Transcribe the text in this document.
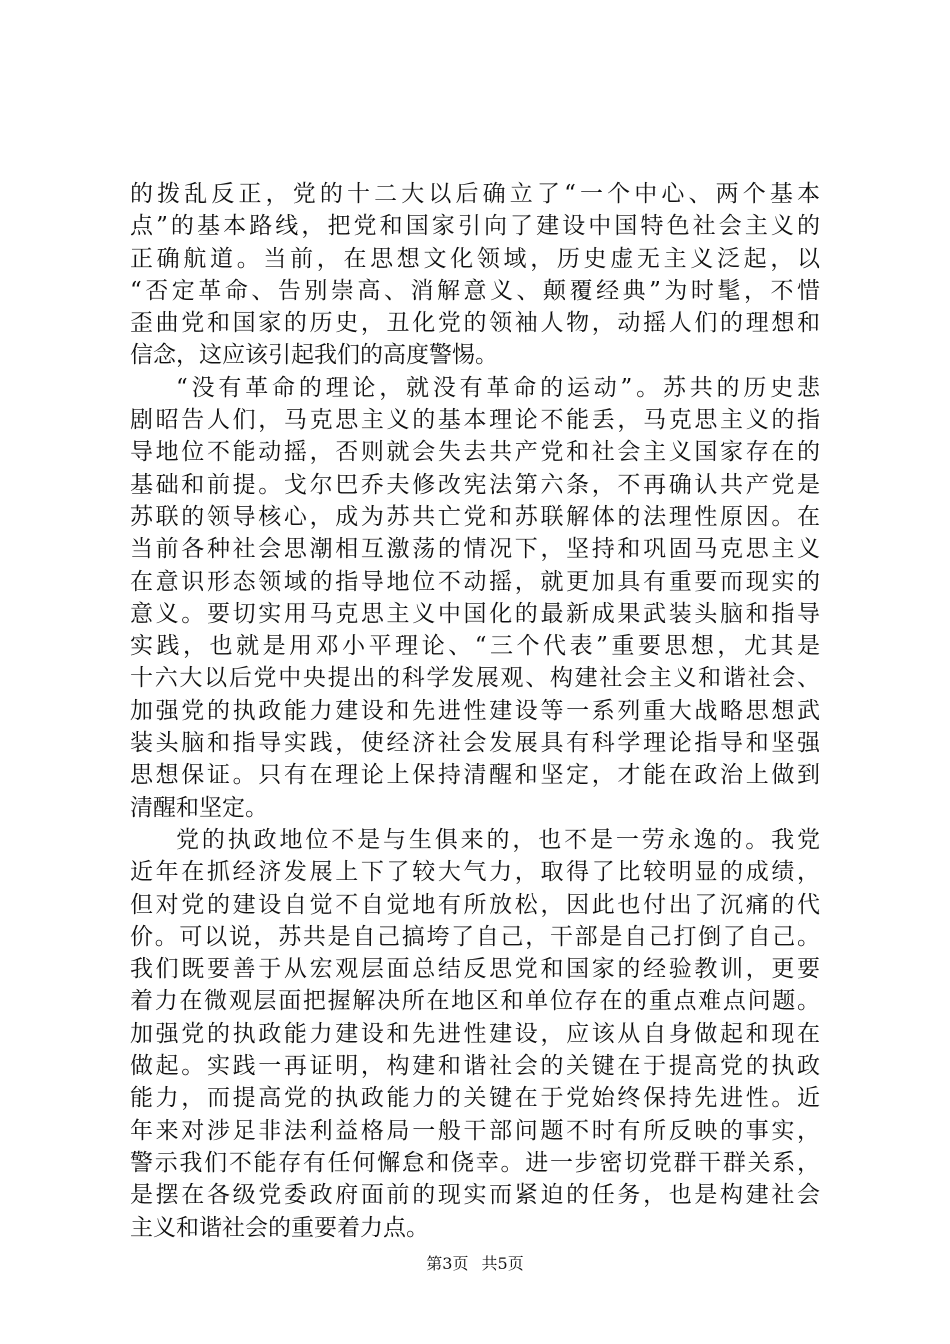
的拨乱反正，党的十二大以后确立了“一个中心、两个基本
点”的基本路线，把党和国家引向了建设中国特色社会主义的
正确航道。当前，在思想文化领域，历史虚无主义泛起，以
“否定革命、告别崇高、消解意义、颠覆经典”为时髦，不惜
歪曲党和国家的历史，丑化党的领袖人物，动摇人们的理想和
信念，这应该引起我们的高度警惕。
“没有革命的理论，就没有革命的运动”。苏共的历史悲
剧昭告人们，马克思主义的基本理论不能丢，马克思主义的指
导地位不能动摇，否则就会失去共产党和社会主义国家存在的
基础和前提。戈尔巴乔夫修改宪法第六条，不再确认共产党是
苏联的领导核心，成为苏共亡党和苏联解体的法理性原因。在
当前各种社会思潮相互激荡的情况下，坚持和巩固马克思主义
在意识形态领域的指导地位不动摇，就更加具有重要而现实的
意义。要切实用马克思主义中国化的最新成果武装头脑和指导
实践，也就是用邓小平理论、“三个代表”重要思想，尤其是
十六大以后党中央提出的科学发展观、构建社会主义和谐社会、
加强党的执政能力建设和先进性建设等一系列重大战略思想武
装头脑和指导实践，使经济社会发展具有科学理论指导和坚强
思想保证。只有在理论上保持清醒和坚定，才能在政治上做到
清醒和坚定。
党的执政地位不是与生俱来的，也不是一劳永逸的。我党
近年在抓经济发展上下了较大气力，取得了比较明显的成绩，
但对党的建设自觉不自觉地有所放松，因此也付出了沉痛的代
价。可以说，苏共是自己搞垮了自己，干部是自己打倒了自己。
我们既要善于从宏观层面总结反思党和国家的经验教训，更要
着力在微观层面把握解决所在地区和单位存在的重点难点问题。
加强党的执政能力建设和先进性建设，应该从自身做起和现在
做起。实践一再证明，构建和谐社会的关键在于提高党的执政
能力，而提高党的执政能力的关键在于党始终保持先进性。近
年来对涉足非法利益格局一般干部问题不时有所反映的事实，
警示我们不能存有任何懈怠和侥幸。进一步密切党群干群关系，
是摆在各级党委政府面前的现实而紧迫的任务，也是构建社会
主义和谐社会的重要着力点。
第3页 共5页
